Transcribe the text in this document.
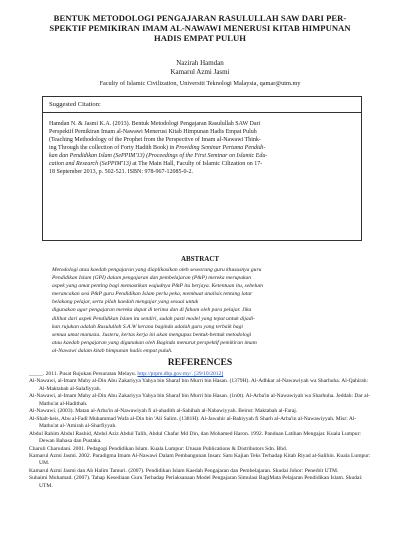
BENTUK METODOLOGI PENGAJARAN RASULULLAH SAW DARI PER-
SPEKTIF PEMIKIRAN IMAM AL-NAWAWI MENERUSI KITAB HIMPUNAN
HADIS EMPAT PULUH
Nazirah Hamdan
Kamarul Azmi Jasmi
Faculty of Islamic Civilization, Universiti Teknologi Malaysia, qamar@utm.my
Suggested Citation:
Hamdan N. & Jasmi K.A. (2013). Bentuk Metodologi Pengajaran Rasulullah SAW Dari
Perspektif Pemikiran Imam al-Nawawi Menerusi Kitab Himpunan Hadis Empat Puluh
(Teaching Methodology of the Prophet from the Perspective of Imam al-Nawawi Think-
ing Through the collection of Forty Hadith Book) in Providing Seminar Pertama Pendidi-
kan dan Pendidikan Islam (SePPIM'13) (Proceedings of the First Seminar on Islamic Edu-
cation and Research (SePPIM'13) at The Main Hall, Faculty of Islamic Cilization on 17-
18 September 2013, p. 502-521. ISBN: 978-967-12085-0-2.
ABSTRACT
Metodologi atau kaedah pengajaran yang diaplikasikan oleh seseorang guru khususnya guru
Pendidikan Islam (GPI) dalam pengajaran dan pembelajaran (P&P) mereka merupakan
aspek yang amat penting bagi memastikan wujudnya P&P itu berjaya. Ketentuan itu, sebelum
merancakan sesi P&P guru Pendidikan Islam perlu peka, membuat analisis tentang latar
belakang pelajar, serta pilah kaedah mengajar yang sesuai untuk
digunakan agar pengajaran mereka dapat di terima dan di faham oleh para pelajar. Jika
dilihat dari aspek Pendidikan Islam itu sendiri, sudah pasti model yang tepat untuk dijadi-
kan rujukan adalah Rasulullah S.A.W kerana baginda adalah guru yang terbaik bagi
semua umat manusia. Justeru, kertas kerja ini akan mengupas bentuk-bentuk metodologi
atau kaedah pengajaran yang digunakan oleh Baginda menurut perspektif pemikiran imam
al-Nawawi dalam kitab himpunan hadis empat puluh.
REFERENCES

_____. 2011. Pusat Rujukan Persuratan Melayu. http://prpm.dbp.gov.my/. [29/10/2012]

Al-Nawawi, al-Imam Mahy al-Din Abu Zakariyya Yahya bin Sharaf bin Murri bin Hasan. (1379H). Al-Adhkar al-Nawawiyah wa Sharhuha. Al-Qahirah: Al-Maktabah al-Salafiyyah.

Al-Nawawi, al-Imam Mahy al-Din Abu Zakariyya Yahya bin Sharaf bin Murri bin Hasan. (1n0t). Al-Arba'in al-Nawawiyah wa Sharhuha. Jeddah: Dar al-Mathu'at al-Hadithah.

Al-Nawawi. (2003). Matan al-Arba'in al-Nawawiyah fi al-ahadith al-Sahihah al-Nabawiyyah. Beirut: Maktabah al-Faraj.

Al-Shalt-heis, Abu al-Fadl Muhammad Wafa al-Din bin 'Ali Salim. (1381H). Al-Jawahir al-Bahiyyah fi Sharh al-Arba'in al-Nawawiyyah. Misr: Al-Mathu'at al-'Amirah al-Sharfiyyah.

Abdul Rahim Abdul Rashid, Abdul Aziz Abdul Talib, Abdul Chafar Md Din, dan Mohamed Haron. 1992. Panduan Latihan Mengajar. Kuala Lumpur: Dewan Bahasa dan Pustaka.

Charuli Charudani. 2001. Pedagogi Pendidikan Islam. Kuala Lumpur: Utusan Publications & Distributors Sdn. Bhd.

Kamarul Azmi Jasmi. 2002. Paradigma Imam Al-Nawawi Dalam Pembangunan Insan: Satu Kajian Teks Terhadap Kitab Riyad al-Salihin. Kuala Lumpur: UM.

Kamarul Azmi Jasmi dan Ab Halim Tamuri. (2007). Pendidikan Islam Kaedah Pengajaran dan Pembelajaran. Skudai Johor: Penerbit UTM.

Suhaimi Muhamad. (2007). Tahap Kesediaan Guru Terhadap Perlaksanaan Model Pengajaran Simulasi BagiMata Pelajaran Pendidikan Islam. Skudai: UTM.
